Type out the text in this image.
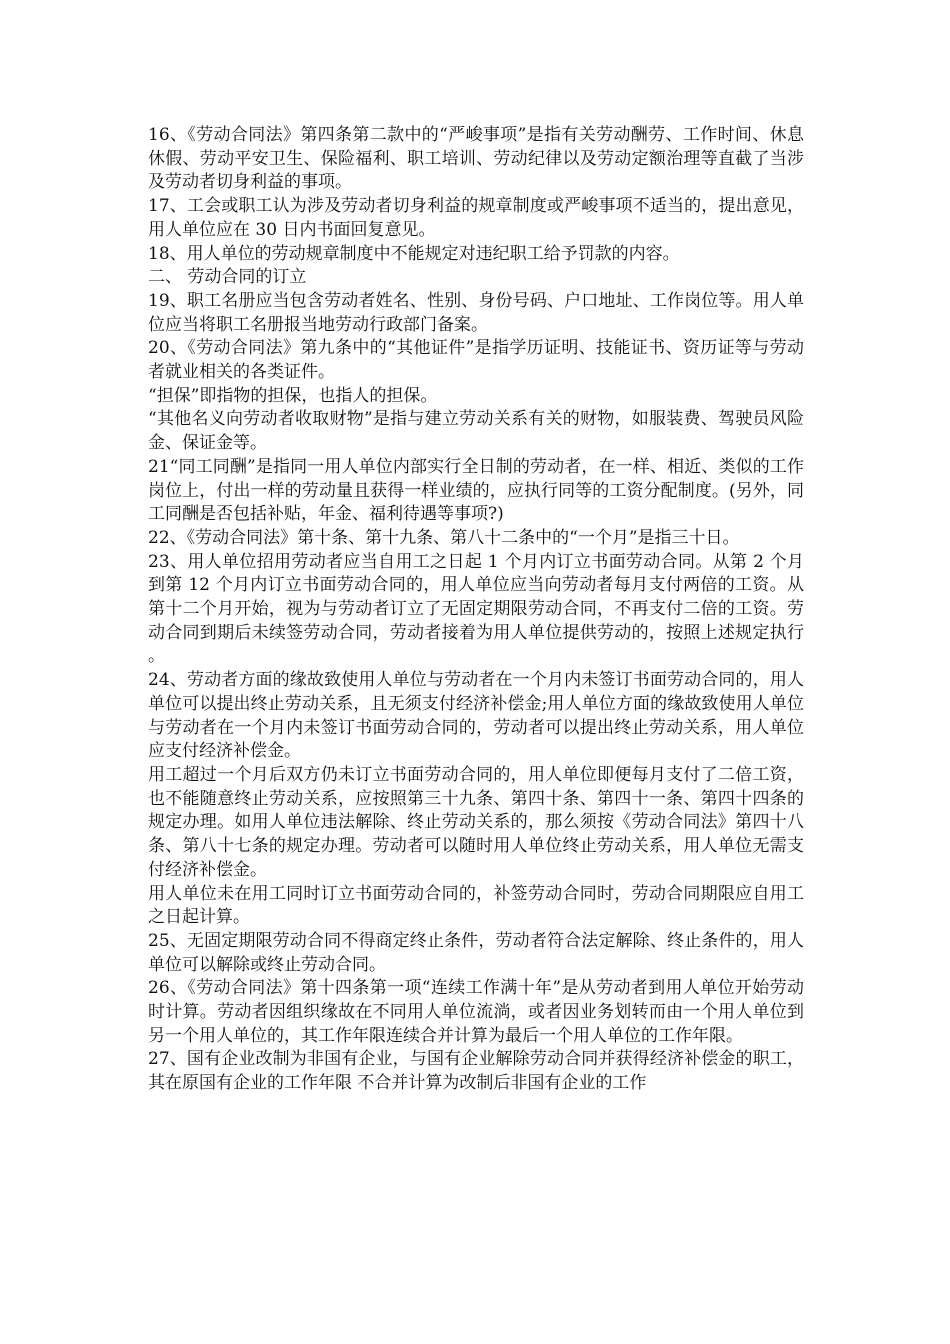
16、《劳动合同法》第四条第二款中的“严峻事项”是指有关劳动酬劳、工作时间、休息休假、劳动平安卫生、保险福利、职工培训、劳动纪律以及劳动定额治理等直截了当涉及劳动者切身利益的事项。

17、工会或职工认为涉及劳动者切身利益的规章制度或严峻事项不适当的，提出意见，用人单位应在 30 日内书面回复意见。

18、用人单位的劳动规章制度中不能规定对违纪职工给予罚款的内容。

二、 劳动合同的订立

19、职工名册应当包含劳动者姓名、性别、身份号码、户口地址、工作岗位等。用人单位应当将职工名册报当地劳动行政部门备案。

20、《劳动合同法》第九条中的“其他证件”是指学历证明、技能证书、资历证等与劳动者就业相关的各类证件。

“担保”即指物的担保，也指人的担保。

“其他名义向劳动者收取财物”是指与建立劳动关系有关的财物，如服装费、驾驶员风险金、保证金等。

21“同工同酬”是指同一用人单位内部实行全日制的劳动者，在一样、相近、类似的工作岗位上，付出一样的劳动量且获得一样业绩的，应执行同等的工资分配制度。(另外，同工同酬是否包括补贴，年金、福利待遇等事项?)

22、《劳动合同法》第十条、第十九条、第八十二条中的“一个月”是指三十日。

23、用人单位招用劳动者应当自用工之日起 1 个月内订立书面劳动合同。从第 2 个月到第 12 个月内订立书面劳动合同的，用人单位应当向劳动者每月支付两倍的工资。从第十二个月开始，视为与劳动者订立了无固定期限劳动合同，不再支付二倍的工资。劳动合同到期后未续签劳动合同，劳动者接着为用人单位提供劳动的，按照上述规定执行。

24、劳动者方面的缘故致使用人单位与劳动者在一个月内未签订书面劳动合同的，用人单位可以提出终止劳动关系，且无须支付经济补偿金;用人单位方面的缘故致使用人单位与劳动者在一个月内未签订书面劳动合同的，劳动者可以提出终止劳动关系，用人单位应支付经济补偿金。

用工超过一个月后双方仍未订立书面劳动合同的，用人单位即便每月支付了二倍工资，也不能随意终止劳动关系，应按照第三十九条、第四十条、第四十一条、第四十四条的规定办理。如用人单位违法解除、终止劳动关系的，那么须按《劳动合同法》第四十八条、第八十七条的规定办理。劳动者可以随时用人单位终止劳动关系，用人单位无需支付经济补偿金。

用人单位未在用工同时订立书面劳动合同的，补签劳动合同时，劳动合同期限应自用工之日起计算。

25、无固定期限劳动合同不得商定终止条件，劳动者符合法定解除、终止条件的，用人单位可以解除或终止劳动合同。

26、《劳动合同法》第十四条第一项“连续工作满十年”是从劳动者到用人单位开始劳动时计算。劳动者因组织缘故在不同用人单位流淌，或者因业务划转而由一个用人单位到另一个用人单位的，其工作年限连续合并计算为最后一个用人单位的工作年限。

27、国有企业改制为非国有企业，与国有企业解除劳动合同并获得经济补偿金的职工，其在原国有企业的工作年限 不合并计算为改制后非国有企业的工作
